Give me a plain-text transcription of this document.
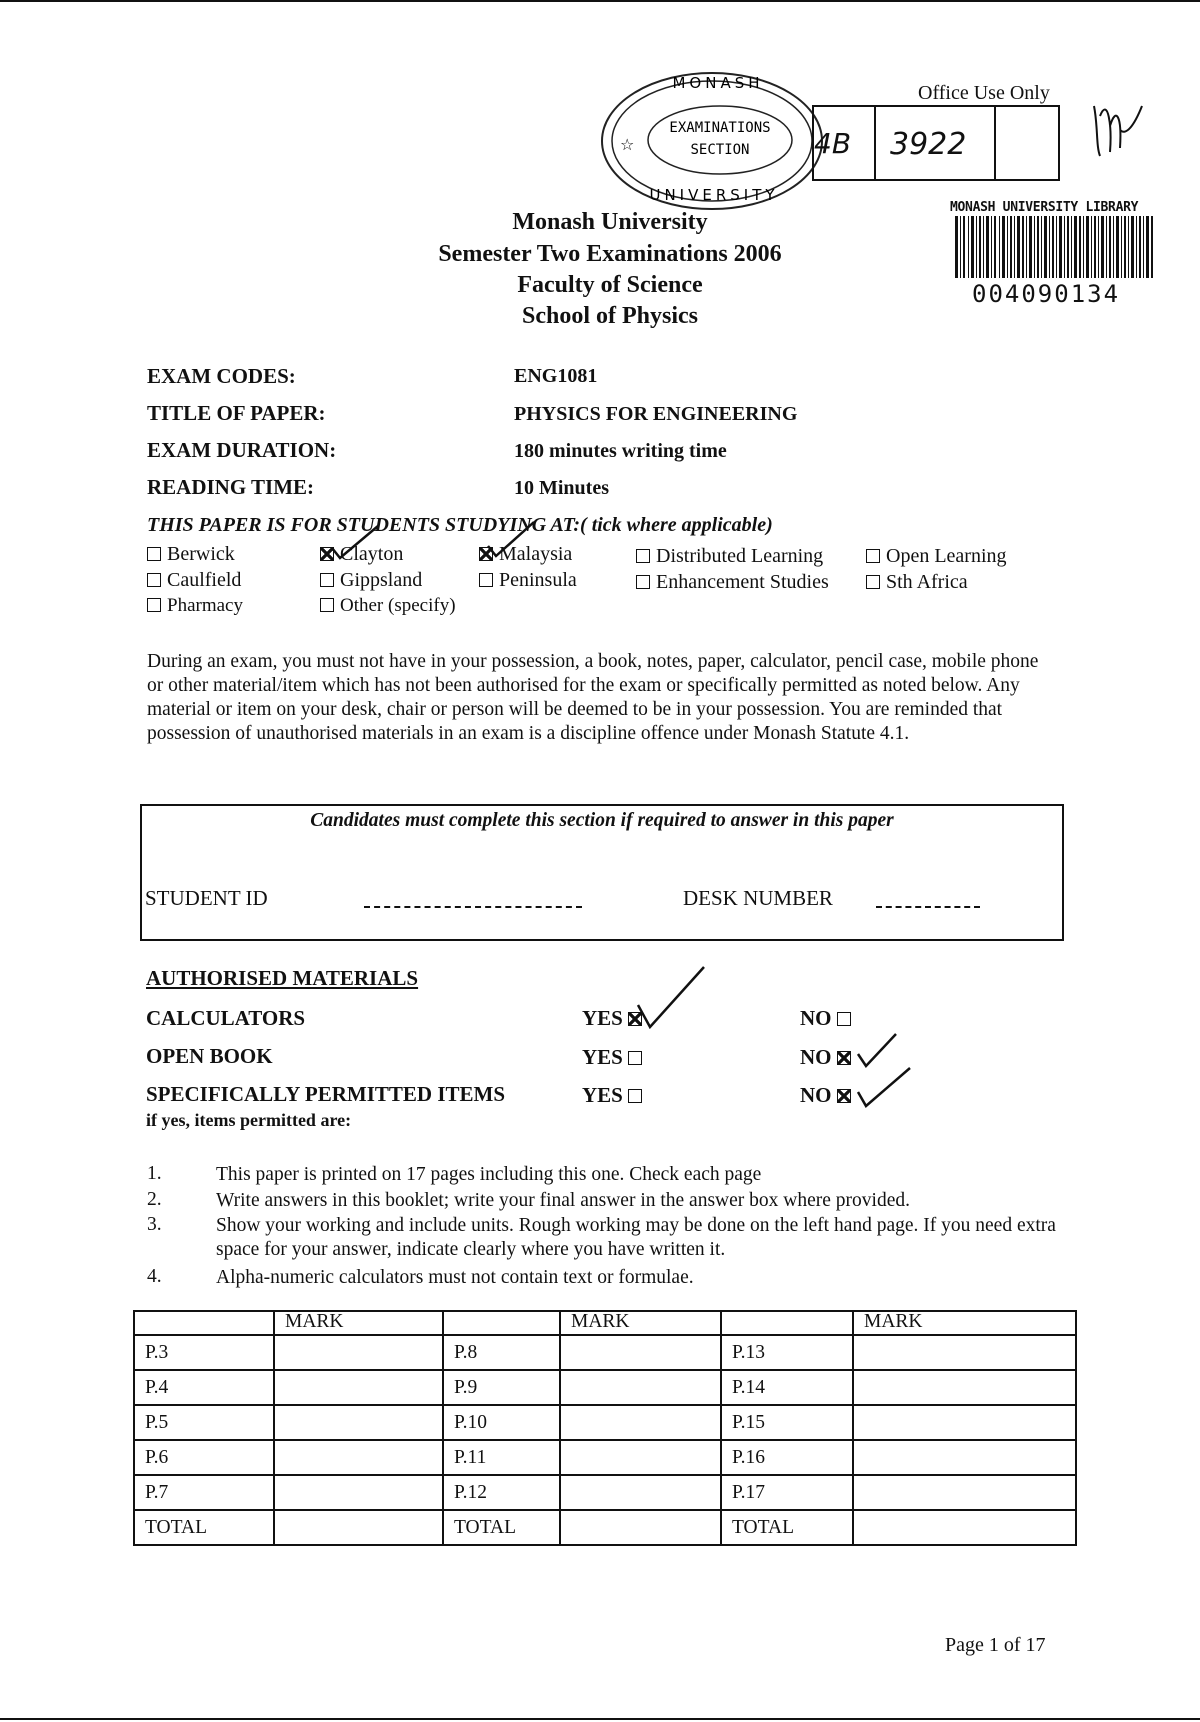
MONASH
EXAMINATIONS
SECTION
UNIVERSITY
☆
Office Use Only
4B 3922
MONASH UNIVERSITY LIBRARY
004090134
Monash University
Semester Two Examinations 2006
Faculty of Science
School of Physics
EXAM CODES:	ENG1081
TITLE OF PAPER:	PHYSICS FOR ENGINEERING
EXAM DURATION:	180 minutes writing time
READING TIME:	10 Minutes
THIS PAPER IS FOR STUDENTS STUDYING AT:( tick where applicable)
Berwick	Clayton	Malaysia	Distributed Learning	Open Learning
Caulfield	Gippsland	Peninsula	Enhancement Studies	Sth Africa
Pharmacy	Other (specify)
During an exam, you must not have in your possession, a book, notes, paper, calculator, pencil case, mobile phone or other material/item which has not been authorised for the exam or specifically permitted as noted below. Any material or item on your desk, chair or person will be deemed to be in your possession. You are reminded that possession of unauthorised materials in an exam is a discipline offence under Monash Statute 4.1.
Candidates must complete this section if required to answer in this paper
STUDENT ID	DESK NUMBER
AUTHORISED MATERIALS
CALCULATORS	YES	NO
OPEN BOOK	YES	NO
SPECIFICALLY PERMITTED ITEMS	YES	NO
if yes, items permitted are:
1.	This paper is printed on 17 pages including this one. Check each page
2.	Write answers in this booklet; write your final answer in the answer box where provided.
3.	Show your working and include units. Rough working may be done on the left hand page. If you need extra space for your answer, indicate clearly where you have written it.
4.	Alpha-numeric calculators must not contain text or formulae.
	MARK		MARK		MARK
P.3		P.8		P.13	
P.4		P.9		P.14	
P.5		P.10		P.15	
P.6		P.11		P.16	
P.7		P.12		P.17	
TOTAL		TOTAL		TOTAL	
Page 1 of 17
